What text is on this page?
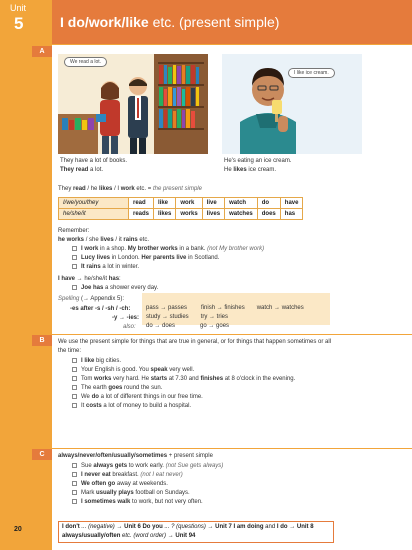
Unit
5
A
B
C
20
I do/work/like etc. (present simple)
We read a lot.
I like ice cream.
They have a lot of books.
They read a lot.
He's eating an ice cream.
He likes ice cream.
They read / he likes / I work etc. = the present simple
I/we/you/they	read	like	work	live	watch	do	have
he/she/it	reads	likes	works	lives	watches	does	has
Remember:
he works / she lives / it rains etc.
I work in a shop. My brother works in a bank. (not My brother work)
Lucy lives in London. Her parents live in Scotland.
It rains a lot in winter.
I have → he/she/it has:
Joe has a shower every day.
Spelling (→ Appendix 5):
-es after -s / -sh / -ch:
-y → -ies:
also:
pass → passes finish → finishes watch → watches
study → studies try → tries
do → does	go → goes
We use the present simple for things that are true in general, or for things that happen sometimes or all
the time:
I like big cities.
Your English is good. You speak very well.
Tom works very hard. He starts at 7.30 and finishes at 8 o'clock in the evening.
The earth goes round the sun.
We do a lot of different things in our free time.
It costs a lot of money to build a hospital.
always/never/often/usually/sometimes + present simple
Sue always gets to work early. (not Sue gets always)
I never eat breakfast. (not I eat never)
We often go away at weekends.
Mark usually plays football on Sundays.
I sometimes walk to work, but not very often.
I don't ... (negative) → Unit 6 Do you ... ? (questions) → Unit 7 I am doing and I do → Unit 8
always/usually/often etc. (word order) → Unit 94
